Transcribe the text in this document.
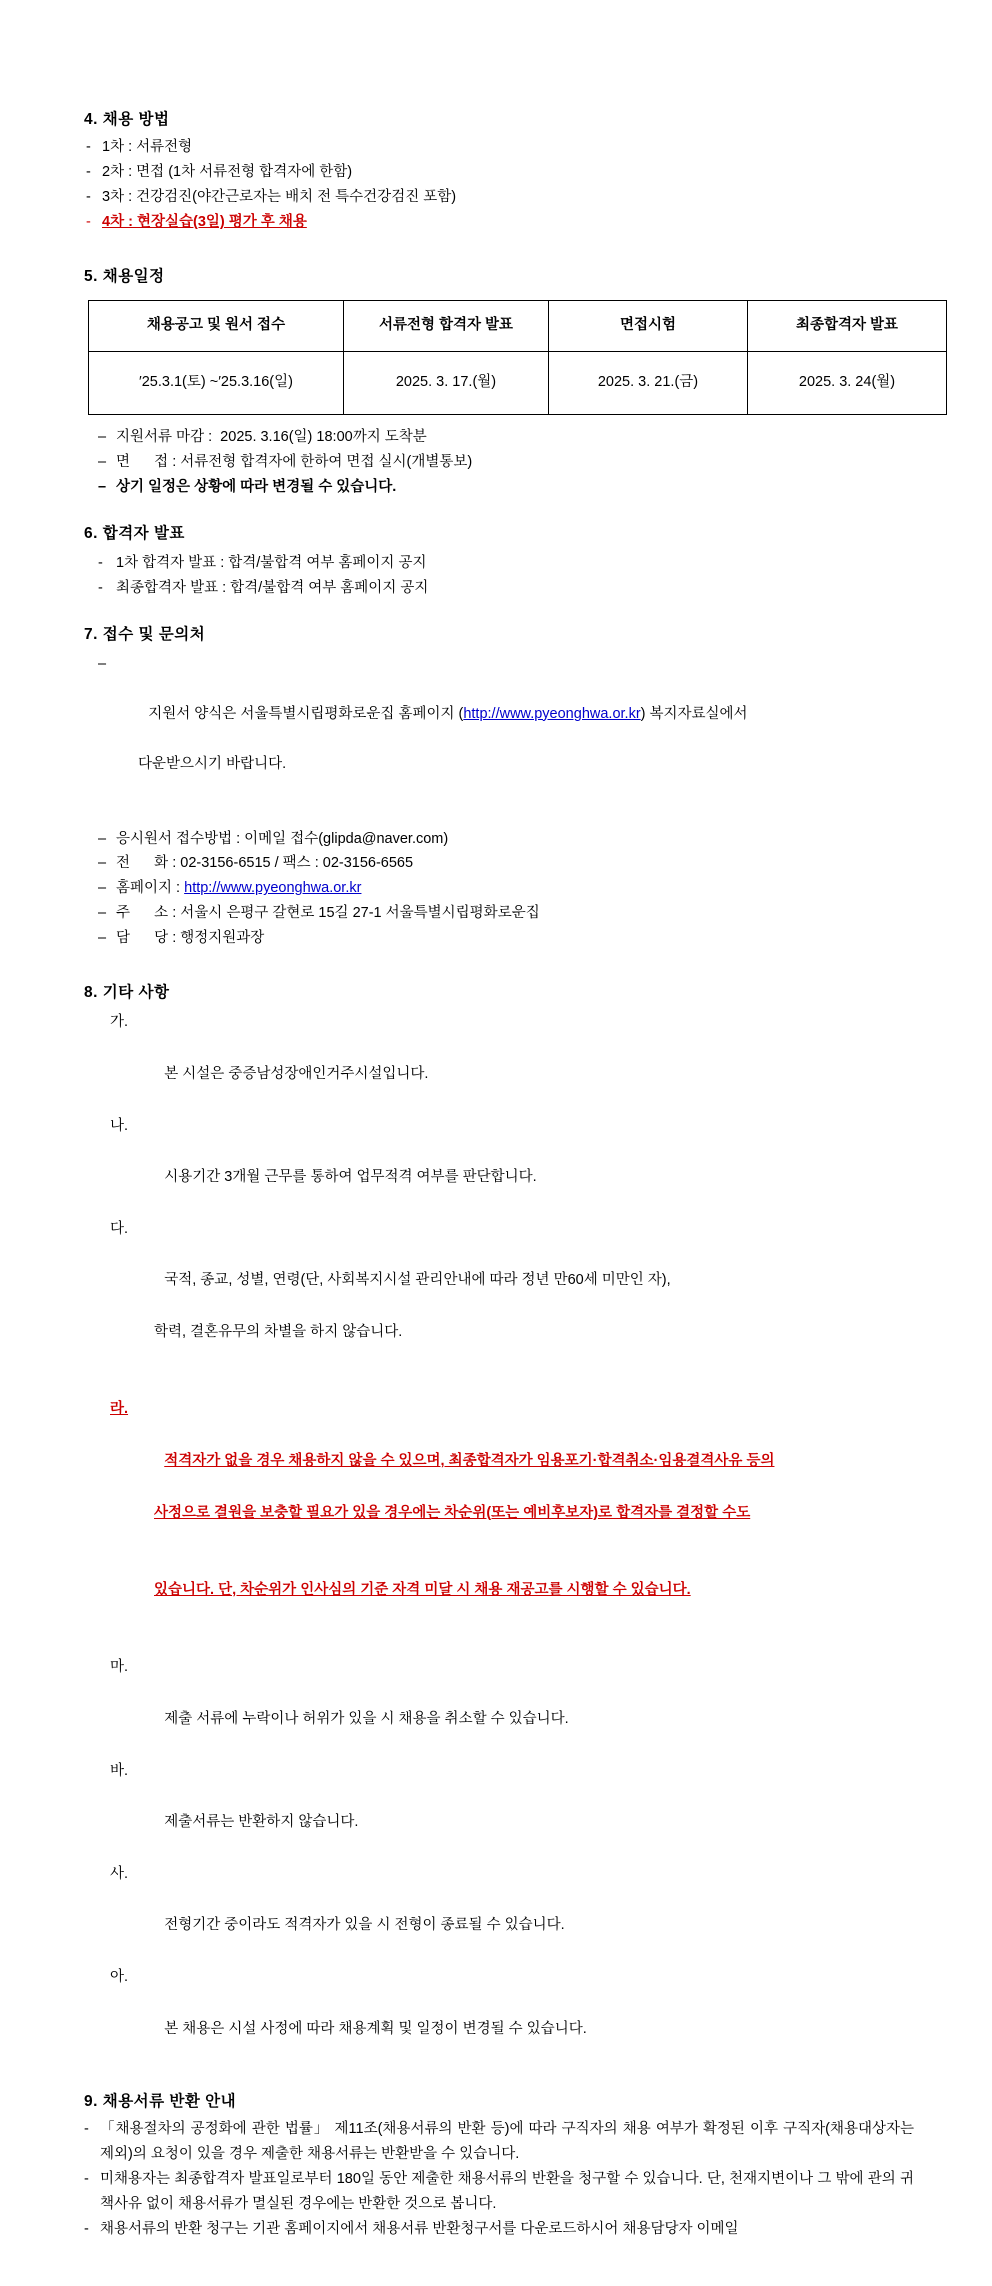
4. 채용 방법
- 1차 : 서류전형
- 2차 : 면접 (1차 서류전형 합격자에 한함)
- 3차 : 건강검진(야간근로자는 배치 전 특수건강검진 포함)
- 4차 : 현장실습(3일) 평가 후 채용
5. 채용일정
채용공고 및 원서 접수	서류전형 합격자 발표	면접시험	최종합격자 발표
′25.3.1(토) ~′25.3.16(일)	2025. 3. 17.(월)	2025. 3. 21.(금)	2025. 3. 24(월)
– 지원서류 마감 :  2025. 3.16(일) 18:00까지 도착분
– 면      접 : 서류전형 합격자에 한하여 면접 실시(개별통보)
– 상기 일정은 상황에 따라 변경될 수 있습니다.
6. 합격자 발표
- 1차 합격자 발표 : 합격/불합격 여부 홈페이지 공지
- 최종합격자 발표 : 합격/불합격 여부 홈페이지 공지
7. 접수 및 문의처

–

지원서 양식은 서울특별시립평화로운집 홈페이지 (http://www.pyeonghwa.or.kr) 복지자료실에서

다운받으시기 바랍니다.

– 응시원서 접수방법 : 이메일 접수(glipda@naver.com)
– 전      화 : 02-3156-6515 / 팩스 : 02-3156-6565
– 홈페이지 : http://www.pyeonghwa.or.kr
– 주      소 : 서울시 은평구 갈현로 15길 27-1 서울특별시립평화로운집
– 담      당 : 행정지원과장
8. 기타 사항

가.

본 시설은 중증남성장애인거주시설입니다.

나.

시용기간 3개월 근무를 통하여 업무적격 여부를 판단합니다.

다.

국적, 종교, 성별, 연령(단, 사회복지시설 관리안내에 따라 정년 만60세 미만인 자),

학력, 결혼유무의 차별을 하지 않습니다.

라.

적격자가 없을 경우 채용하지 않을 수 있으며, 최종합격자가 임용포기·합격취소·임용결격사유 등의

사정으로 결원을 보충할 필요가 있을 경우에는 차순위(또는 예비후보자)로 합격자를 결정할 수도

있습니다. 단, 차순위가 인사심의 기준 자격 미달 시 채용 재공고를 시행할 수 있습니다.

마.

제출 서류에 누락이나 허위가 있을 시 채용을 취소할 수 있습니다.

바.

제출서류는 반환하지 않습니다.

사.

전형기간 중이라도 적격자가 있을 시 전형이 종료될 수 있습니다.

아.

본 채용은 시설 사정에 따라 채용계획 및 일정이 변경될 수 있습니다.

9. 채용서류 반환 안내

- 「채용절차의 공정화에 관한 법률」 제11조(채용서류의 반환 등)에 따라 구직자의 채용 여부가 확정된 이후 구직자(채용대상자는 제외)의 요청이 있을 경우 제출한 채용서류는 반환받을 수 있습니다.

- 미채용자는 최종합격자 발표일로부터 180일 동안 제출한 채용서류의 반환을 청구할 수 있습니다. 단, 천재지변이나 그 밖에 관의 귀책사유 없이 채용서류가 멸실된 경우에는 반환한 것으로 봅니다.

- 채용서류의 반환 청구는 기관 홈페이지에서 채용서류 반환청구서를 다운로드하시어 채용담당자 이메일
